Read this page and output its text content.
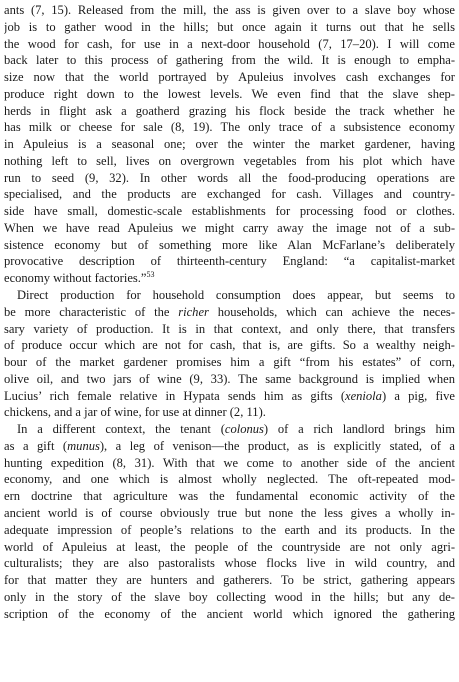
ants (7, 15). Released from the mill, the ass is given over to a slave boy whose
job is to gather wood in the hills; but once again it turns out that he sells
the wood for cash, for use in a next-door household (7, 17–20). I will come
back later to this process of gathering from the wild. It is enough to empha-
size now that the world portrayed by Apuleius involves cash exchanges for
produce right down to the lowest levels. We even find that the slave shep-
herds in flight ask a goatherd grazing his flock beside the track whether he
has milk or cheese for sale (8, 19). The only trace of a subsistence economy
in Apuleius is a seasonal one; over the winter the market gardener, having
nothing left to sell, lives on overgrown vegetables from his plot which have
run to seed (9, 32). In other words all the food-producing operations are
specialised, and the products are exchanged for cash. Villages and country-
side have small, domestic-scale establishments for processing food or clothes.
When we have read Apuleius we might carry away the image not of a sub-
sistence economy but of something more like Alan McFarlane’s deliberately
provocative description of thirteenth-century England: “a capitalist-market
economy without factories.”$^{53}$
Direct production for household consumption does appear, but seems to
be more characteristic of the richer households, which can achieve the neces-
sary variety of production. It is in that context, and only there, that transfers
of produce occur which are not for cash, that is, are gifts. So a wealthy neigh-
bour of the market gardener promises him a gift “from his estates” of corn,
olive oil, and two jars of wine (9, 33). The same background is implied when
Lucius’ rich female relative in Hypata sends him as gifts (xeniola) a pig, five
chickens, and a jar of wine, for use at dinner (2, 11).
In a different context, the tenant (colonus) of a rich landlord brings him
as a gift (munus), a leg of venison—the product, as is explicitly stated, of a
hunting expedition (8, 31). With that we come to another side of the ancient
economy, and one which is almost wholly neglected. The oft-repeated mod-
ern doctrine that agriculture was the fundamental economic activity of the
ancient world is of course obviously true but none the less gives a wholly in-
adequate impression of people’s relations to the earth and its products. In the
world of Apuleius at least, the people of the countryside are not only agri-
culturalists; they are also pastoralists whose flocks live in wild country, and
for that matter they are hunters and gatherers. To be strict, gathering appears
only in the story of the slave boy collecting wood in the hills; but any de-
scription of the economy of the ancient world which ignored the gathering
